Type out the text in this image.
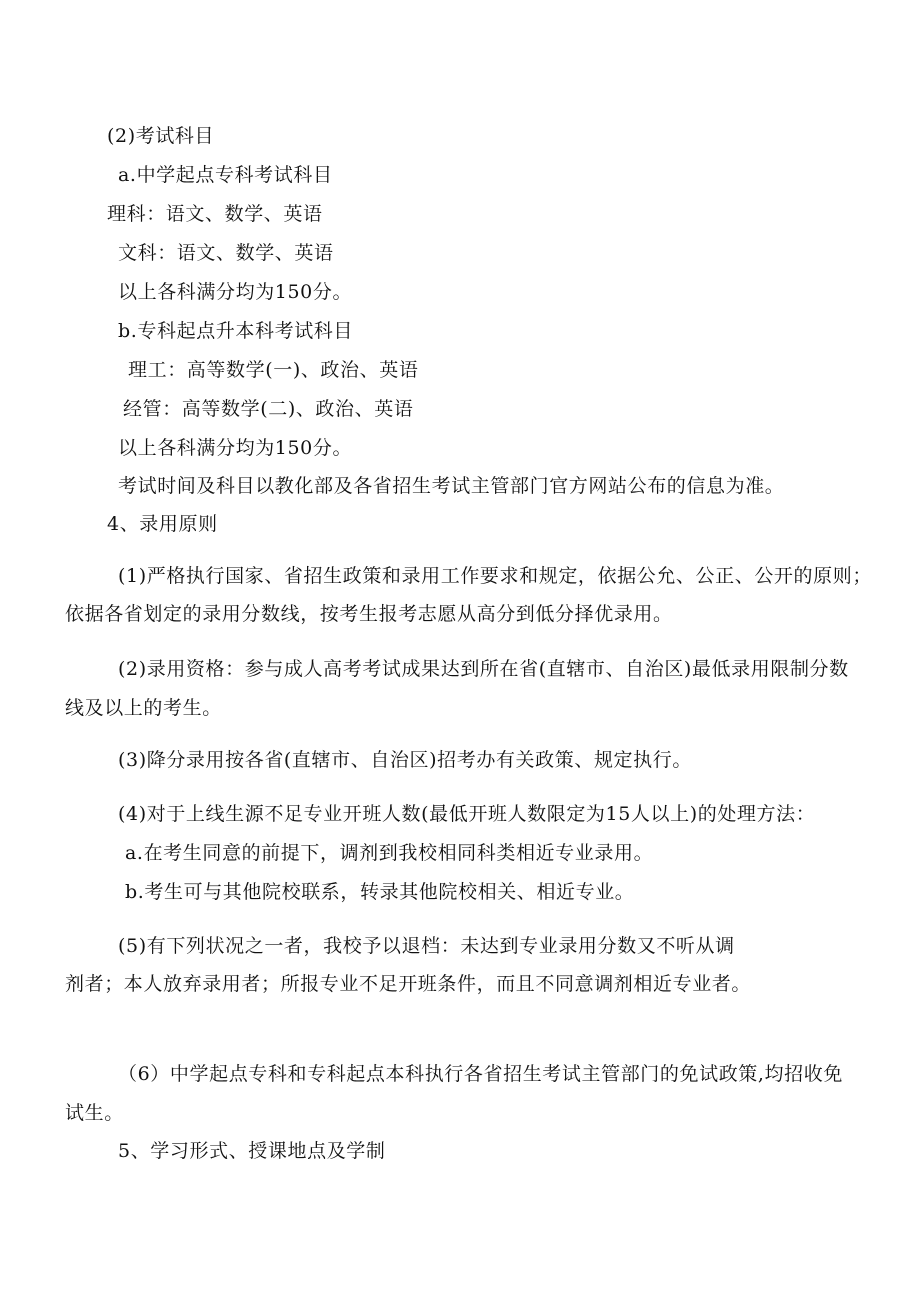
(2)考试科目
a.中学起点专科考试科目
理科：语文、数学、英语
文科：语文、数学、英语
以上各科满分均为150分。
b.专科起点升本科考试科目
理工：高等数学(一)、政治、英语
经管：高等数学(二)、政治、英语
以上各科满分均为150分。
考试时间及科目以教化部及各省招生考试主管部门官方网站公布的信息为准。
4、录用原则
(1)严格执行国家、省招生政策和录用工作要求和规定，依据公允、公正、公开的原则；
依据各省划定的录用分数线，按考生报考志愿从高分到低分择优录用。
(2)录用资格：参与成人高考考试成果达到所在省(直辖市、自治区)最低录用限制分数
线及以上的考生。
(3)降分录用按各省(直辖市、自治区)招考办有关政策、规定执行。
(4)对于上线生源不足专业开班人数(最低开班人数限定为15人以上)的处理方法：
a.在考生同意的前提下，调剂到我校相同科类相近专业录用。
b.考生可与其他院校联系，转录其他院校相关、相近专业。
(5)有下列状况之一者，我校予以退档：未达到专业录用分数又不听从调
剂者；本人放弃录用者；所报专业不足开班条件，而且不同意调剂相近专业者。
（6）中学起点专科和专科起点本科执行各省招生考试主管部门的免试政策,均招收免
试生。
5、学习形式、授课地点及学制
